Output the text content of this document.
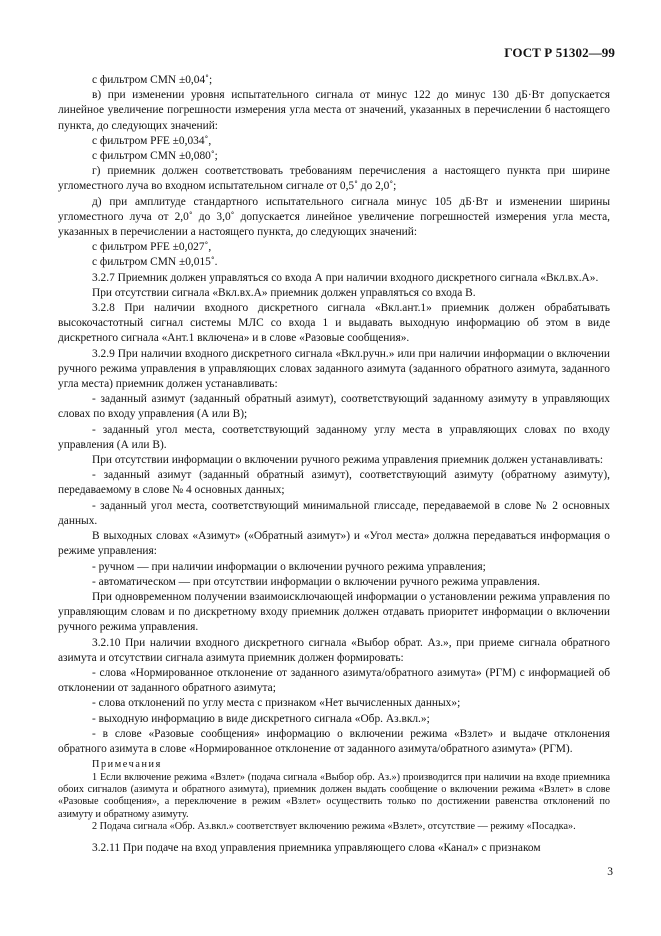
ГОСТ Р 51302—99

с фильтром CMN ±0,04˚;

в) при изменении уровня испытательного сигнала от минус 122 до минус 130 дБ·Вт допускается линейное увеличение погрешности измерения угла места от значений, указанных в перечислении б настоящего пункта, до следующих значений:

с фильтром PFE ±0,034˚,

с фильтром CMN ±0,080˚;

г) приемник должен соответствовать требованиям перечисления а настоящего пункта при ширине угломестного луча во входном испытательном сигнале от 0,5˚ до 2,0˚;

д) при амплитуде стандартного испытательного сигнала минус 105 дБ·Вт и изменении ширины угломестного луча от 2,0˚ до 3,0˚ допускается линейное увеличение погрешностей измерения угла места, указанных в перечислении а настоящего пункта, до следующих значений:

с фильтром PFE ±0,027˚,

с фильтром CMN ±0,015˚.

3.2.7 Приемник должен управляться со входа А при наличии входного дискретного сигнала «Вкл.вх.А».

При отсутствии сигнала «Вкл.вх.А» приемник должен управляться со входа В.

3.2.8 При наличии входного дискретного сигнала «Вкл.ант.1» приемник должен обрабатывать высокочастотный сигнал системы МЛС со входа 1 и выдавать выходную информацию об этом в виде дискретного сигнала «Ант.1 включена» и в слове «Разовые сообщения».

3.2.9 При наличии входного дискретного сигнала «Вкл.ручн.» или при наличии информации о включении ручного режима управления в управляющих словах заданного азимута (заданного обратного азимута, заданного угла места) приемник должен устанавливать:

- заданный азимут (заданный обратный азимут), соответствующий заданному азимуту в управляющих словах по входу управления (А или В);

- заданный угол места, соответствующий заданному углу места в управляющих словах по входу управления (А или В).

При отсутствии информации о включении ручного режима управления приемник должен устанавливать:

- заданный азимут (заданный обратный азимут), соответствующий азимуту (обратному азимуту), передаваемому в слове № 4 основных данных;

- заданный угол места, соответствующий минимальной глиссаде, передаваемой в слове № 2 основных данных.

В выходных словах «Азимут» («Обратный азимут») и «Угол места» должна передаваться информация о режиме управления:

- ручном — при наличии информации о включении ручного режима управления;

- автоматическом — при отсутствии информации о включении ручного режима управления.

При одновременном получении взаимоисключающей информации о установлении режима управления по управляющим словам и по дискретному входу приемник должен отдавать приоритет информации о включении ручного режима управления.

3.2.10 При наличии входного дискретного сигнала «Выбор обрат. Аз.», при приеме сигнала обратного азимута и отсутствии сигнала азимута приемник должен формировать:

- слова «Нормированное отклонение от заданного азимута/обратного азимута» (РГМ) с информацией об отклонении от заданного обратного азимута;

- слова отклонений по углу места с признаком «Нет вычисленных данных»;

- выходную информацию в виде дискретного сигнала «Обр. Аз.вкл.»;

- в слове «Разовые сообщения» информацию о включении режима «Взлет» и выдаче отклонения обратного азимута в слове «Нормированное отклонение от заданного азимута/обратного азимута» (РГМ).

Примечания

1 Если включение режима «Взлет» (подача сигнала «Выбор обр. Аз.») производится при наличии на входе приемника обоих сигналов (азимута и обратного азимута), приемник должен выдать сообщение о включении режима «Взлет» в слове «Разовые сообщения», а переключение в режим «Взлет» осуществить только по достижении равенства отклонений по азимуту и обратному азимуту.

2 Подача сигнала «Обр. Аз.вкл.» соответствует включению режима «Взлет», отсутствие — режиму «Посадка».

3.2.11 При подаче на вход управления приемника управляющего слова «Канал» с признаком

3
